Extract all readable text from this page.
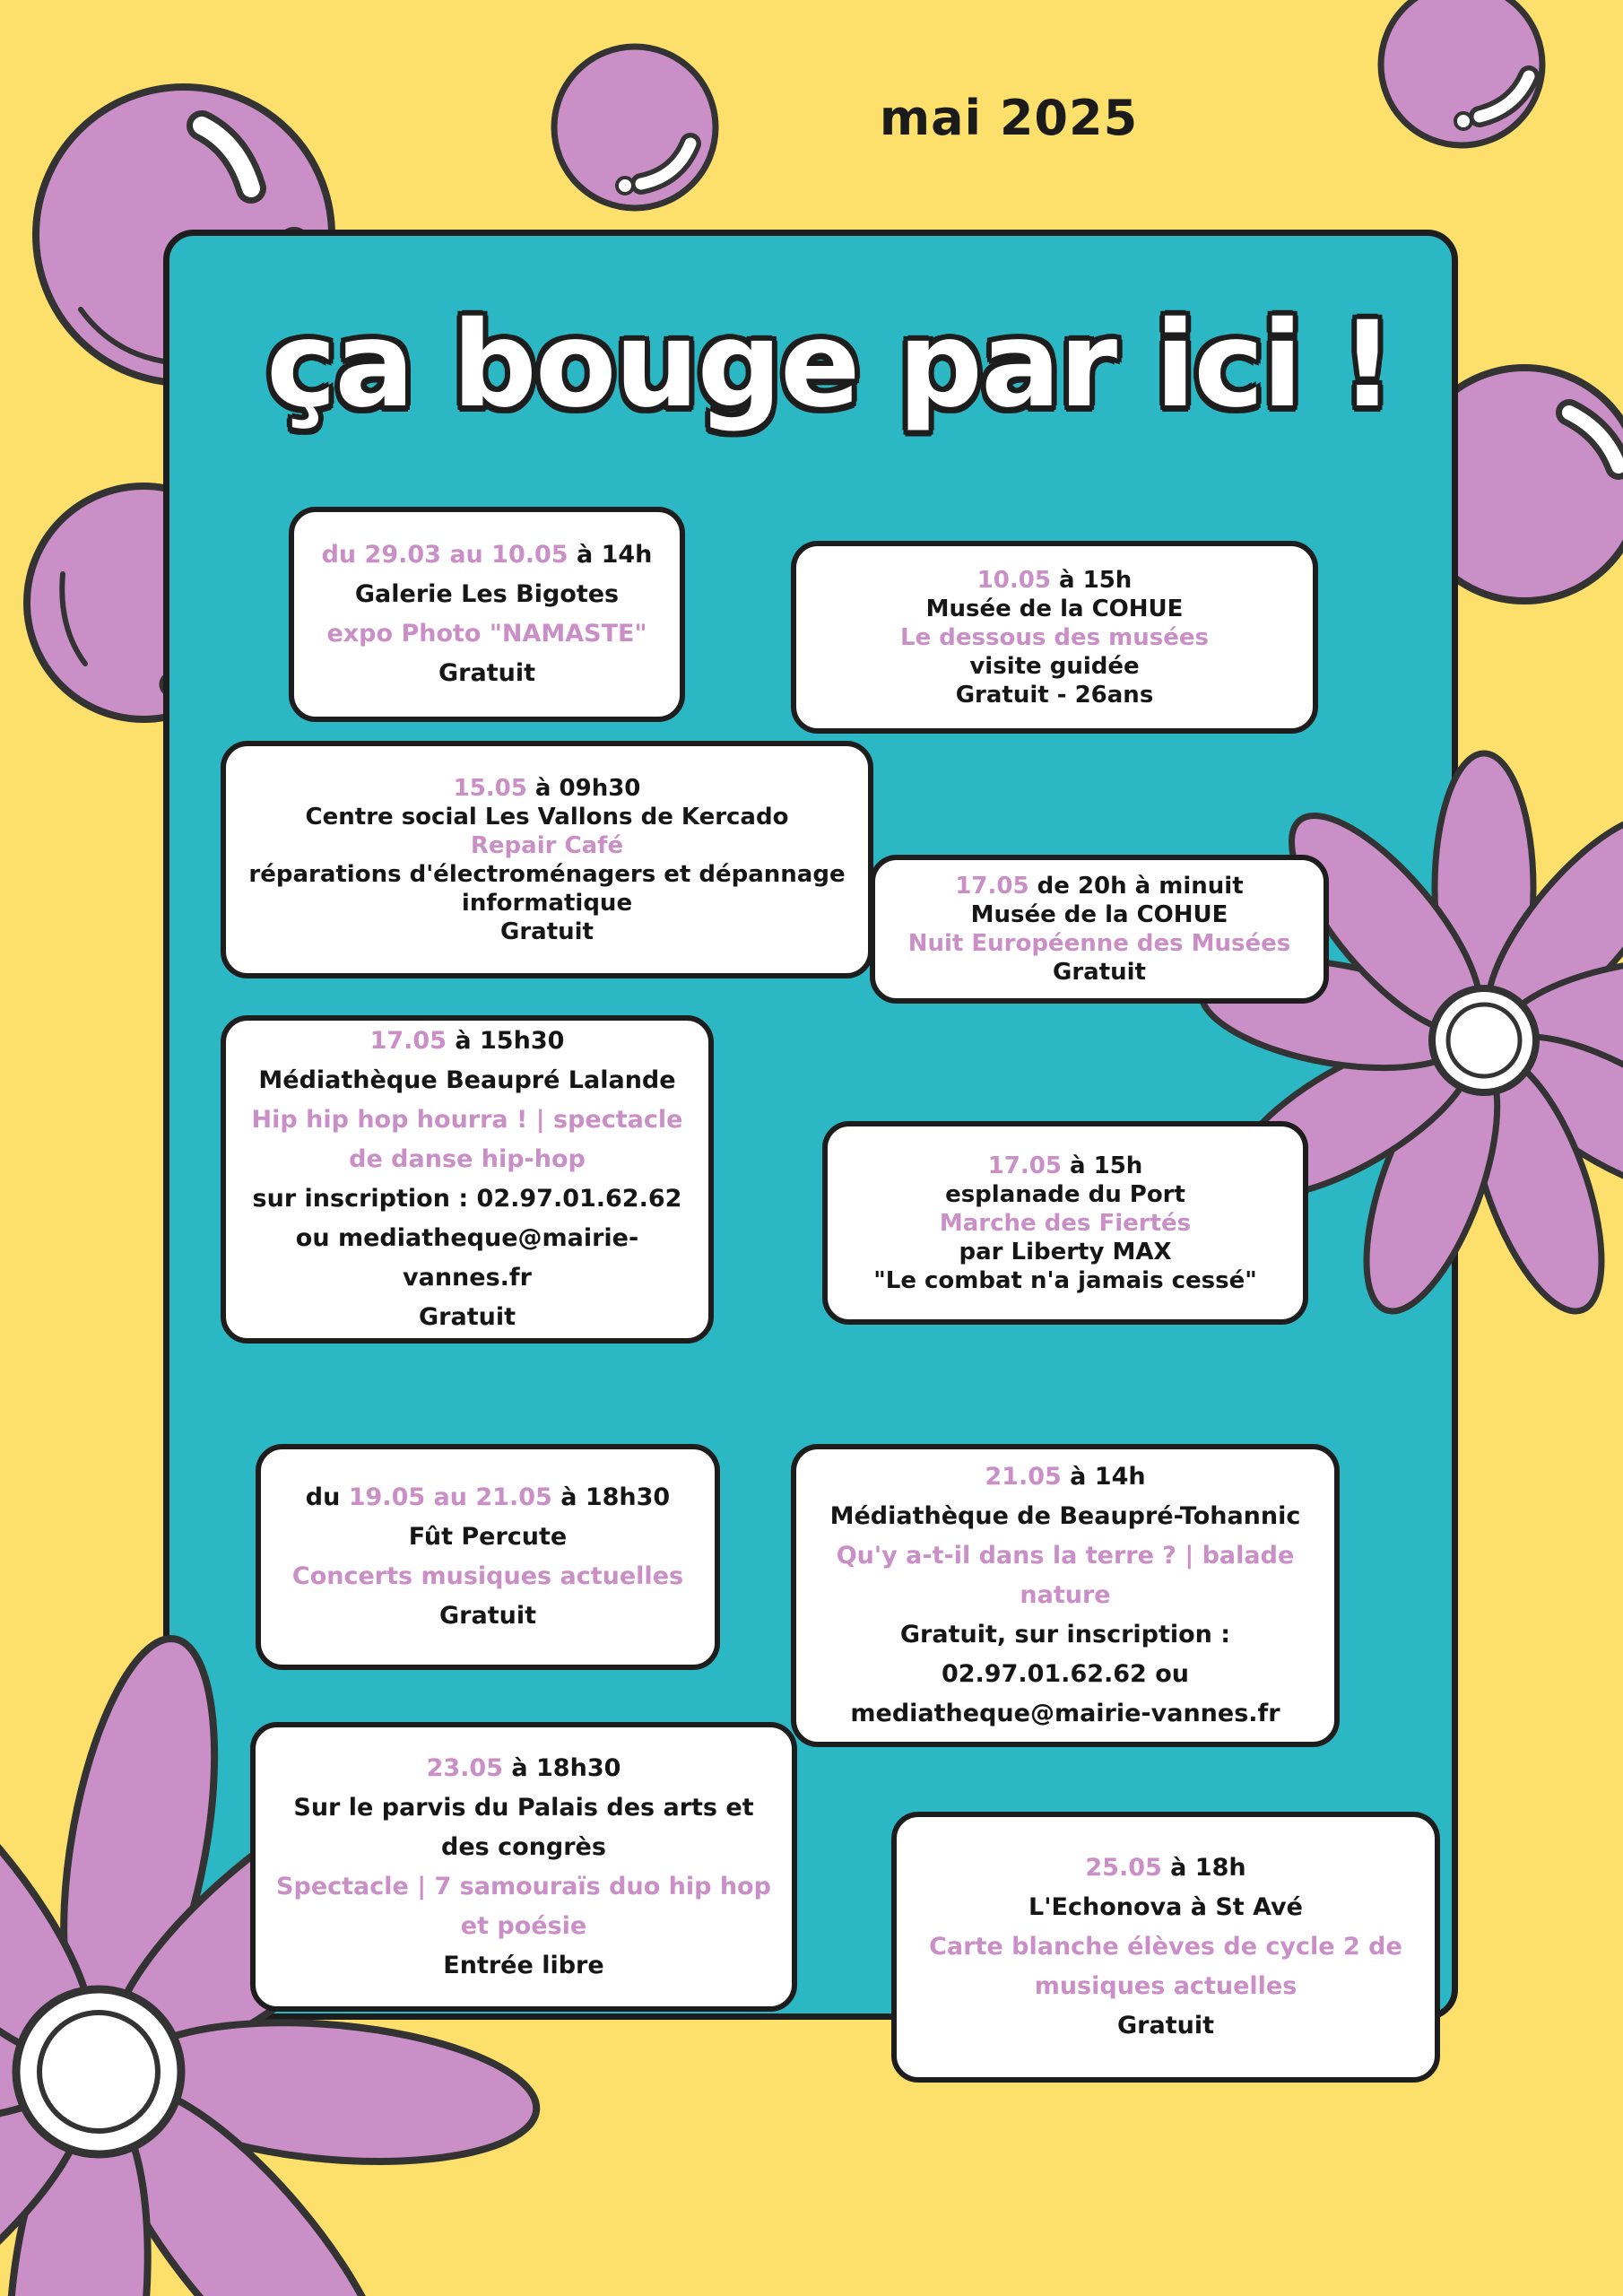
mai 2025
ça bouge par ici !
du 29.03 au 10.05 à 14h
Galerie Les Bigotes
expo Photo "NAMASTE"
Gratuit
10.05 à 15h
Musée de la COHUE
Le dessous des musées
visite guidée
Gratuit - 26ans
15.05 à 09h30
Centre social Les Vallons de Kercado
Repair Café
réparations d'électroménagers et dépannage informatique
Gratuit
17.05 de 20h à minuit
Musée de la COHUE
Nuit Européenne des Musées
Gratuit
17.05 à 15h30
Médiathèque Beaupré Lalande
Hip hip hop hourra ! | spectacle de danse hip-hop
sur inscription : 02.97.01.62.62 ou mediatheque@mairie-vannes.fr
Gratuit
17.05 à 15h
esplanade du Port
Marche des Fiertés
par Liberty MAX
"Le combat n'a jamais cessé"
du 19.05 au 21.05 à 18h30
Fût Percute
Concerts musiques actuelles
Gratuit
21.05 à 14h
Médiathèque de Beaupré-Tohannic
Qu'y a-t-il dans la terre ? | balade nature
Gratuit, sur inscription : 02.97.01.62.62 ou mediatheque@mairie-vannes.fr
23.05 à 18h30
Sur le parvis du Palais des arts et des congrès
Spectacle | 7 samouraïs duo hip hop et poésie
Entrée libre
25.05 à 18h
L'Echonova à St Avé
Carte blanche élèves de cycle 2 de musiques actuelles
Gratuit
